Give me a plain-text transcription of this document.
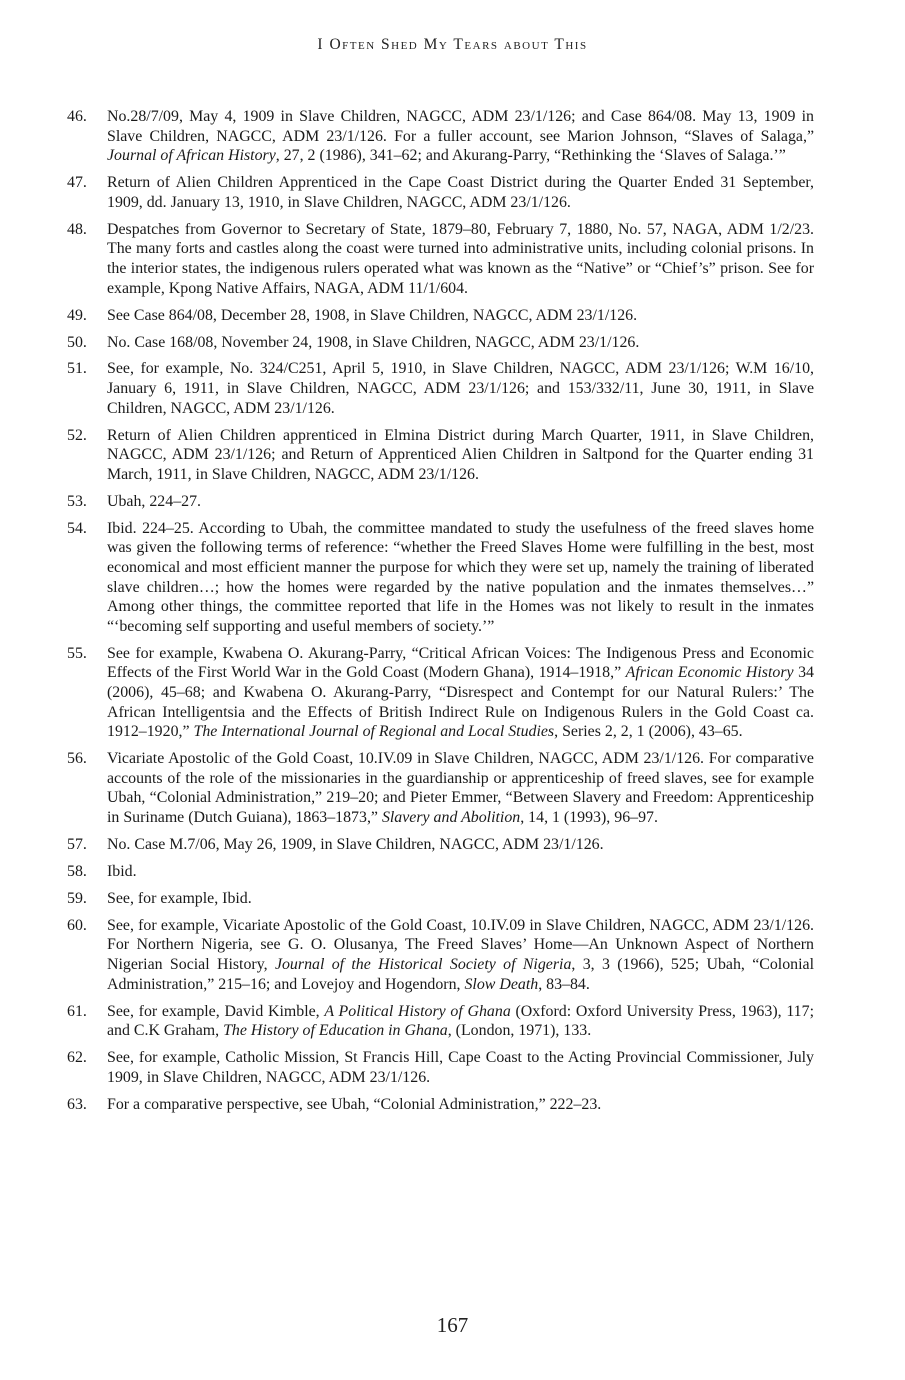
I Often Shed My Tears about This
46.	No.28/7/09, May 4, 1909 in Slave Children, NAGCC, ADM 23/1/126; and Case 864/08. May 13, 1909 in Slave Children, NAGCC, ADM 23/1/126. For a fuller account, see Marion Johnson, “Slaves of Salaga,” Journal of African History, 27, 2 (1986), 341–62; and Akurang-Parry, “Rethinking the ‘Slaves of Salaga.’”
47.	Return of Alien Children Apprenticed in the Cape Coast District during the Quarter Ended 31 September, 1909, dd. January 13, 1910, in Slave Children, NAGCC, ADM 23/1/126.
48.	Despatches from Governor to Secretary of State, 1879–80, February 7, 1880, No. 57, NAGA, ADM 1/2/23. The many forts and castles along the coast were turned into administrative units, including colonial prisons. In the interior states, the indigenous rulers operated what was known as the “Native” or “Chief’s” prison. See for example, Kpong Native Affairs, NAGA, ADM 11/1/604.
49.	See Case 864/08, December 28, 1908, in Slave Children, NAGCC, ADM 23/1/126.
50.	No. Case 168/08, November 24, 1908, in Slave Children, NAGCC, ADM 23/1/126.
51.	See, for example, No. 324/C251, April 5, 1910, in Slave Children, NAGCC, ADM 23/1/126; W.M 16/10, January 6, 1911, in Slave Children, NAGCC, ADM 23/1/126; and 153/332/11, June 30, 1911, in Slave Children, NAGCC, ADM 23/1/126.
52.	Return of Alien Children apprenticed in Elmina District during March Quarter, 1911, in Slave Children, NAGCC, ADM 23/1/126; and Return of Apprenticed Alien Children in Saltpond for the Quarter ending 31 March, 1911, in Slave Children, NAGCC, ADM 23/1/126.
53.	Ubah, 224–27.
54.	Ibid. 224–25. According to Ubah, the committee mandated to study the usefulness of the freed slaves home was given the following terms of reference: “whether the Freed Slaves Home were fulfilling in the best, most economical and most efficient manner the purpose for which they were set up, namely the training of liberated slave children…; how the homes were regarded by the native population and the inmates themselves…” Among other things, the committee reported that life in the Homes was not likely to result in the inmates “‘becoming self supporting and useful members of society.’”
55.	See for example, Kwabena O. Akurang-Parry, “Critical African Voices: The Indigenous Press and Economic Effects of the First World War in the Gold Coast (Modern Ghana), 1914–1918,” African Economic History 34 (2006), 45–68; and Kwabena O. Akurang-Parry, “Disrespect and Contempt for our Natural Rulers:’ The African Intelligentsia and the Effects of British Indirect Rule on Indigenous Rulers in the Gold Coast ca. 1912–1920,” The International Journal of Regional and Local Studies, Series 2, 2, 1 (2006), 43–65.
56.	Vicariate Apostolic of the Gold Coast, 10.IV.09 in Slave Children, NAGCC, ADM 23/1/126. For comparative accounts of the role of the missionaries in the guardianship or apprenticeship of freed slaves, see for example Ubah, “Colonial Administration,” 219–20; and Pieter Emmer, “Between Slavery and Freedom: Apprenticeship in Suriname (Dutch Guiana), 1863–1873,” Slavery and Abolition, 14, 1 (1993), 96–97.
57.	No. Case M.7/06, May 26, 1909, in Slave Children, NAGCC, ADM 23/1/126.
58.	Ibid.
59.	See, for example, Ibid.
60.	See, for example, Vicariate Apostolic of the Gold Coast, 10.IV.09 in Slave Children, NAGCC, ADM 23/1/126. For Northern Nigeria, see G. O. Olusanya, The Freed Slaves’ Home—An Unknown Aspect of Northern Nigerian Social History, Journal of the Historical Society of Nigeria, 3, 3 (1966), 525; Ubah, “Colonial Administration,” 215–16; and Lovejoy and Hogendorn, Slow Death, 83–84.
61.	See, for example, David Kimble, A Political History of Ghana (Oxford: Oxford University Press, 1963), 117; and C.K Graham, The History of Education in Ghana, (London, 1971), 133.
62.	See, for example, Catholic Mission, St Francis Hill, Cape Coast to the Acting Provincial Commissioner, July 1909, in Slave Children, NAGCC, ADM 23/1/126.
63.	For a comparative perspective, see Ubah, “Colonial Administration,” 222–23.
167
